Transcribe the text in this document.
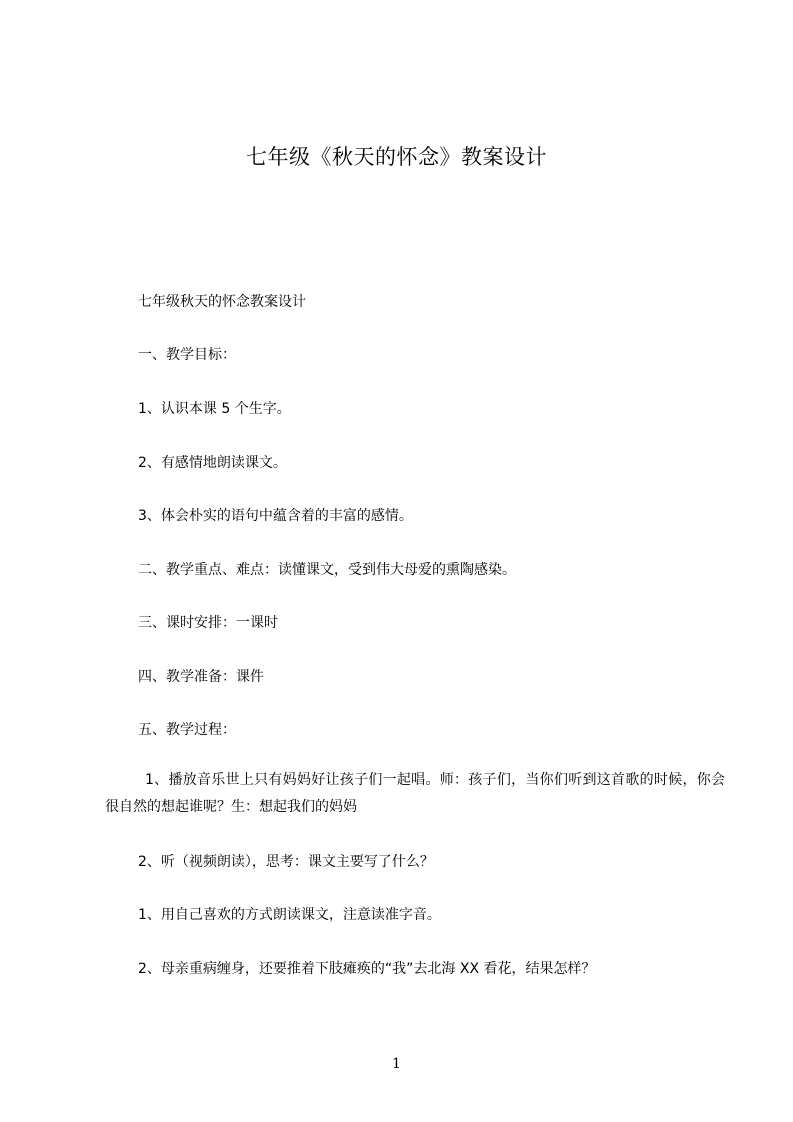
七年级《秋天的怀念》教案设计
七年级秋天的怀念教案设计
一、教学目标：
1、认识本课 5 个生字。
2、有感情地朗读课文。
3、体会朴实的语句中蕴含着的丰富的感情。
二、教学重点、难点：读懂课文，受到伟大母爱的熏陶感染。
三、课时安排：一课时
四、教学准备：课件
五、教学过程：
1、播放音乐世上只有妈妈好让孩子们一起唱。师：孩子们，当你们听到这首歌的时候，你会很自然的想起谁呢？生：想起我们的妈妈
2、听（视频朗读），思考：课文主要写了什么？
1、用自己喜欢的方式朗读课文，注意读准字音。
2、母亲重病缠身，还要推着下肢瘫痪的“我”去北海 XX 看花，结果怎样？
1
